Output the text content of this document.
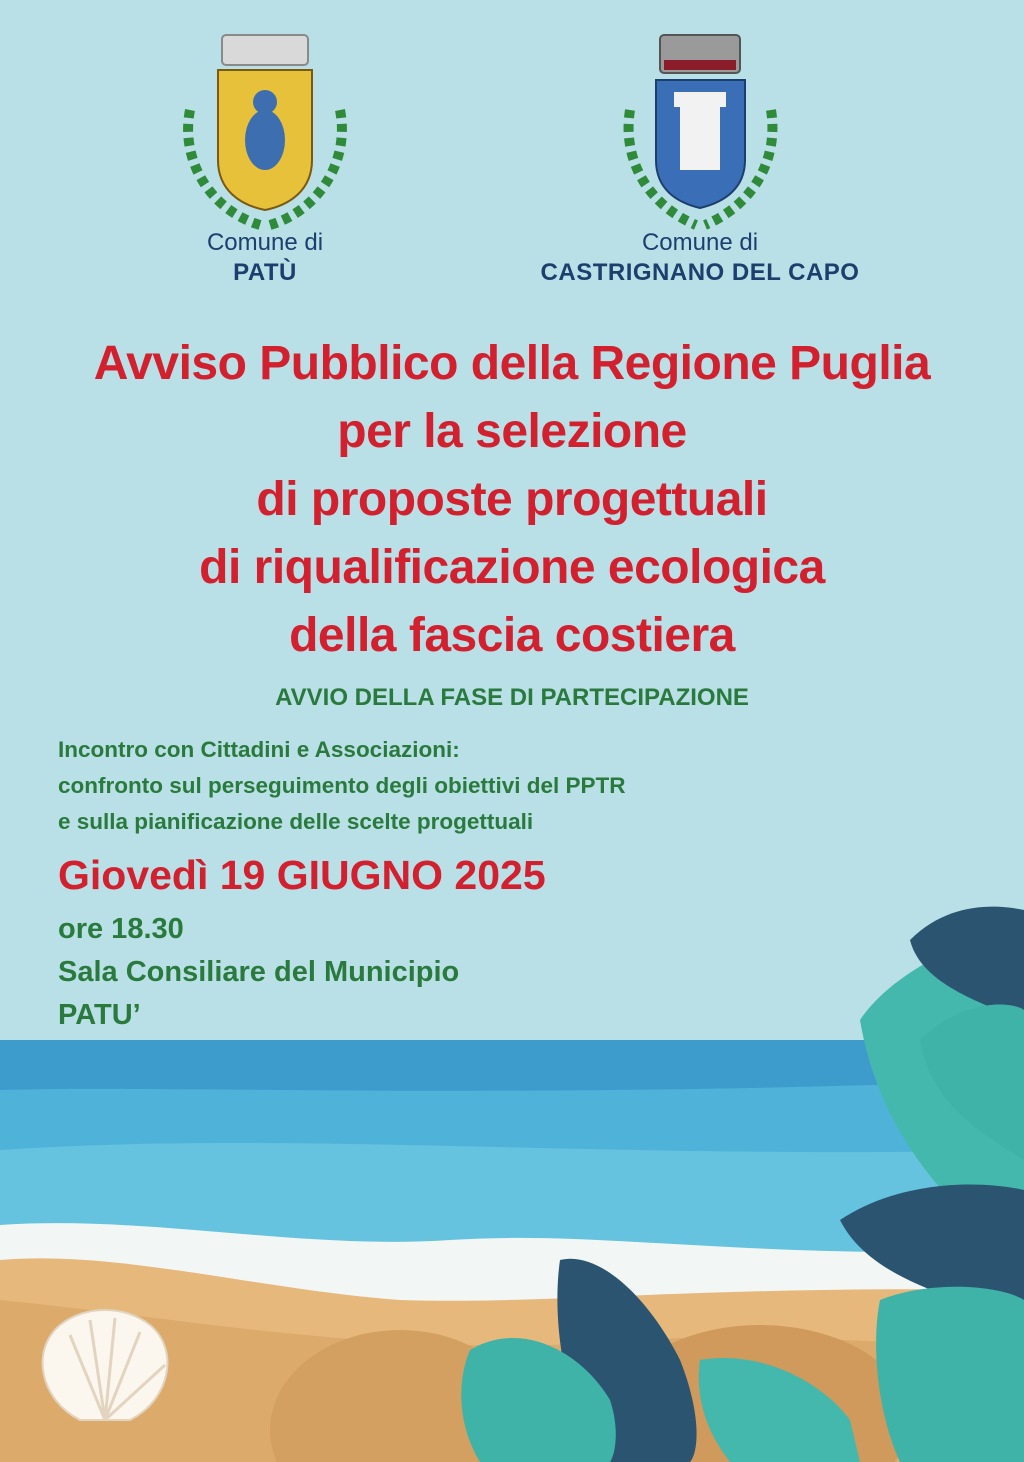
Comune di
PATÙ
Comune di
CASTRIGNANO DEL CAPO
Avviso Pubblico della Regione Puglia
per la selezione
di proposte progettuali
di riqualificazione ecologica
della fascia costiera
AVVIO DELLA FASE DI PARTECIPAZIONE
Incontro con Cittadini e Associazioni:
confronto sul perseguimento degli obiettivi del PPTR
e sulla pianificazione delle scelte progettuali
Giovedì 19 GIUGNO 2025
ore 18.30
Sala Consiliare del Municipio
PATU’
